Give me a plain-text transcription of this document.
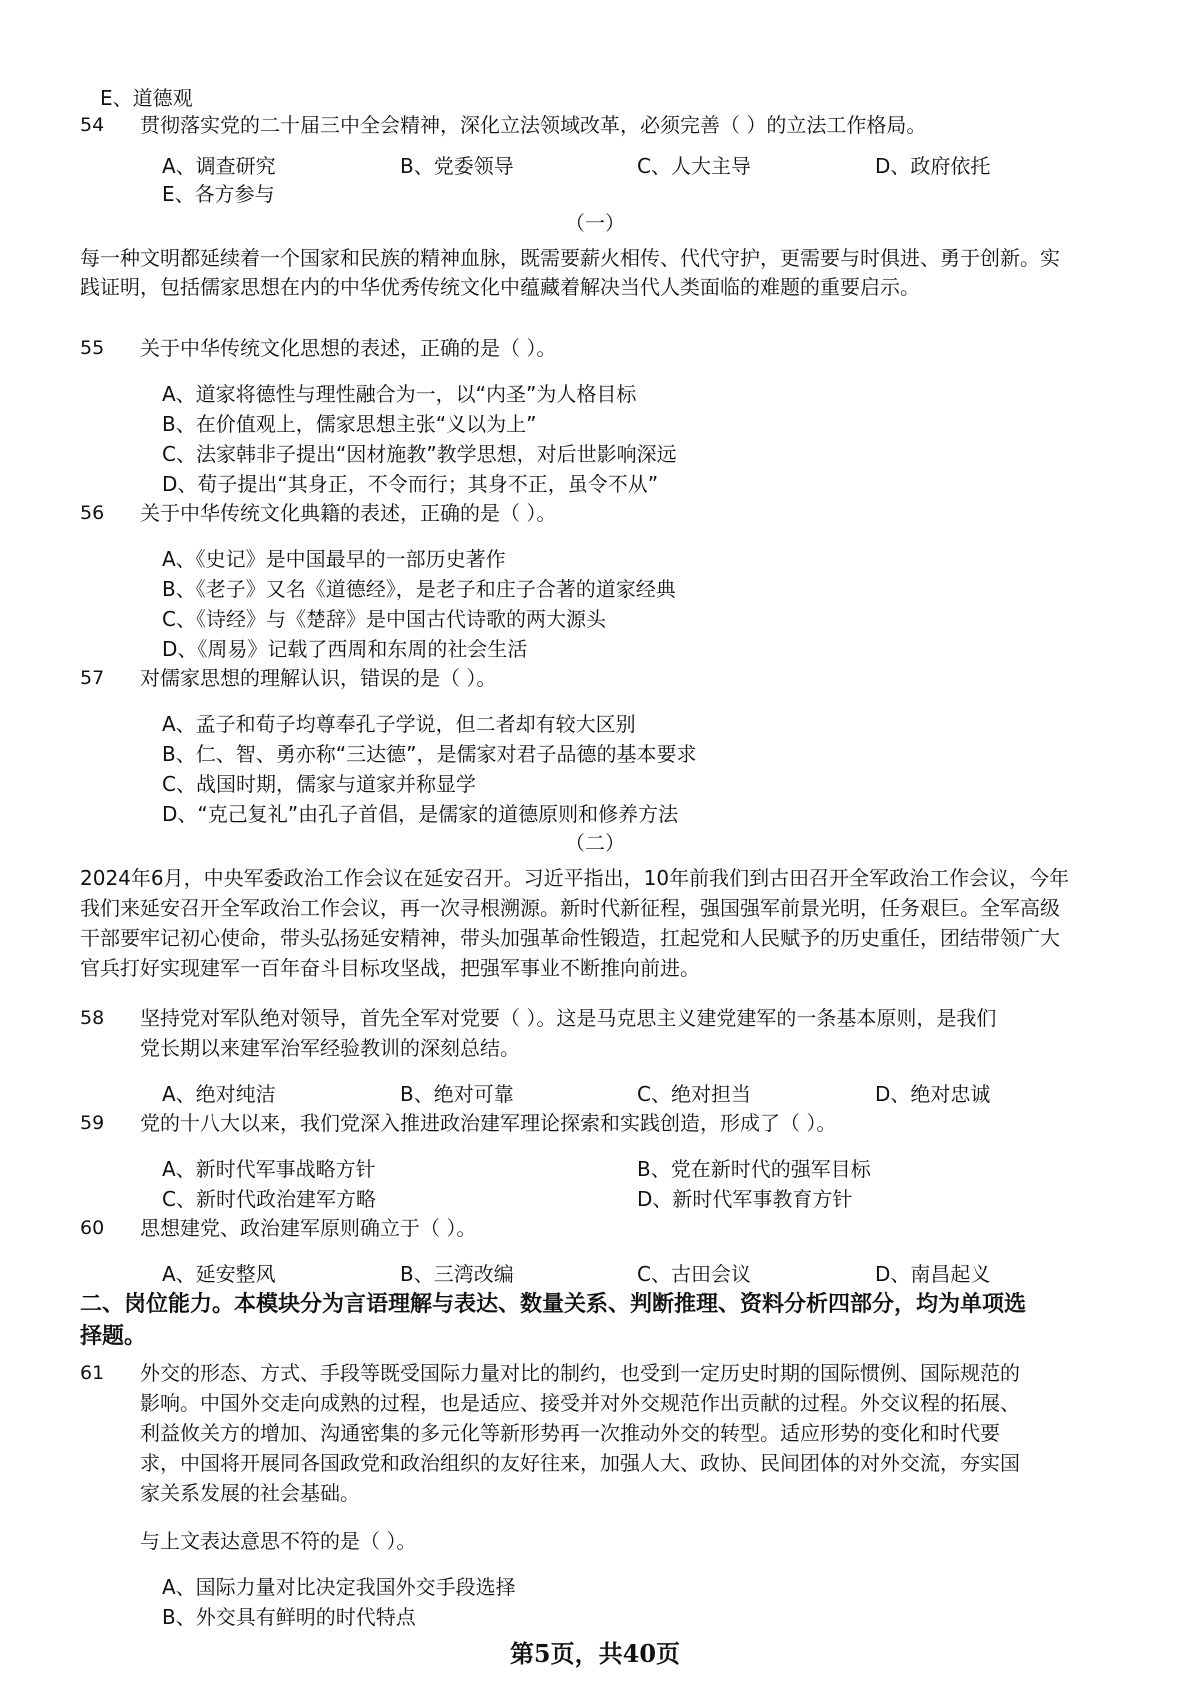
E、道德观
54 贯彻落实党的二十届三中全会精神，深化立法领域改革，必须完善（ ）的立法工作格局。
A、调查研究	B、党委领导	C、人大主导	D、政府依托
E、各方参与
（一）
每一种文明都延续着一个国家和民族的精神血脉，既需要薪火相传、代代守护，更需要与时俱进、勇于创新。实
践证明，包括儒家思想在内的中华优秀传统文化中蕴藏着解决当代人类面临的难题的重要启示。
55 关于中华传统文化思想的表述，正确的是（ ）。
A、道家将德性与理性融合为一，以“内圣”为人格目标
B、在价值观上，儒家思想主张“义以为上”
C、法家韩非子提出“因材施教”教学思想，对后世影响深远
D、荀子提出“其身正，不令而行；其身不正，虽令不从”
56 关于中华传统文化典籍的表述，正确的是（ ）。
A、《史记》是中国最早的一部历史著作
B、《老子》又名《道德经》，是老子和庄子合著的道家经典
C、《诗经》与《楚辞》是中国古代诗歌的两大源头
D、《周易》记载了西周和东周的社会生活
57 对儒家思想的理解认识，错误的是（ ）。
A、孟子和荀子均尊奉孔子学说，但二者却有较大区别
B、仁、智、勇亦称“三达德”，是儒家对君子品德的基本要求
C、战国时期，儒家与道家并称显学
D、“克己复礼”由孔子首倡，是儒家的道德原则和修养方法
（二）
2024年6月，中央军委政治工作会议在延安召开。习近平指出，10年前我们到古田召开全军政治工作会议，今年
我们来延安召开全军政治工作会议，再一次寻根溯源。新时代新征程，强国强军前景光明，任务艰巨。全军高级
干部要牢记初心使命，带头弘扬延安精神，带头加强革命性锻造，扛起党和人民赋予的历史重任，团结带领广大
官兵打好实现建军一百年奋斗目标攻坚战，把强军事业不断推向前进。
58 坚持党对军队绝对领导，首先全军对党要（ ）。这是马克思主义建党建军的一条基本原则，是我们
党长期以来建军治军经验教训的深刻总结。
A、绝对纯洁	B、绝对可靠	C、绝对担当	D、绝对忠诚
59 党的十八大以来，我们党深入推进政治建军理论探索和实践创造，形成了（ ）。
A、新时代军事战略方针	B、党在新时代的强军目标
C、新时代政治建军方略	D、新时代军事教育方针
60 思想建党、政治建军原则确立于（ ）。
A、延安整风	B、三湾改编	C、古田会议	D、南昌起义
二、岗位能力。本模块分为言语理解与表达、数量关系、判断推理、资料分析四部分，均为单项选
择题。
61 外交的形态、方式、手段等既受国际力量对比的制约，也受到一定历史时期的国际惯例、国际规范的
影响。中国外交走向成熟的过程，也是适应、接受并对外交规范作出贡献的过程。外交议程的拓展、
利益攸关方的增加、沟通密集的多元化等新形势再一次推动外交的转型。适应形势的变化和时代要
求，中国将开展同各国政党和政治组织的友好往来，加强人大、政协、民间团体的对外交流，夯实国
家关系发展的社会基础。
与上文表达意思不符的是（ ）。
A、国际力量对比决定我国外交手段选择
B、外交具有鲜明的时代特点
第5页，共40页
